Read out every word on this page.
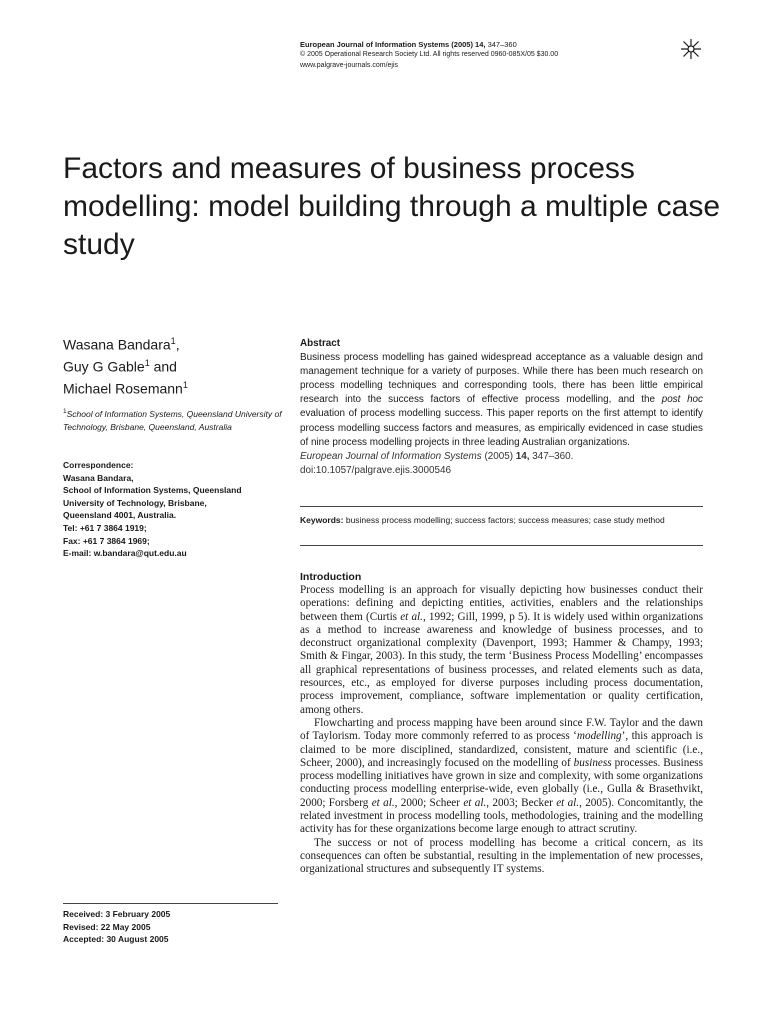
European Journal of Information Systems (2005) 14, 347–360
© 2005 Operational Research Society Ltd. All rights reserved 0960-085X/05 $30.00
www.palgrave-journals.com/ejis
Factors and measures of business process modelling: model building through a multiple case study
Wasana Bandara$^1$,
Guy G Gable$^1$ and
Michael Rosemann$^1$
$^1$School of Information Systems, Queensland University of Technology, Brisbane, Queensland, Australia
Correspondence:
Wasana Bandara,
School of Information Systems, Queensland
University of Technology, Brisbane,
Queensland 4001, Australia.
Tel: +61 7 3864 1919;
Fax: +61 7 3864 1969;
E-mail: w.bandara@qut.edu.au
Abstract

Business process modelling has gained widespread acceptance as a valuable design and management technique for a variety of purposes. While there has been much research on process modelling techniques and corresponding tools, there has been little empirical research into the success factors of effective process modelling, and the post hoc evaluation of process modelling success. This paper reports on the first attempt to identify process modelling success factors and measures, as empirically evidenced in case studies of nine process modelling projects in three leading Australian organizations.

European Journal of Information Systems (2005) 14, 347–360.
doi:10.1057/palgrave.ejis.3000546
Keywords: business process modelling; success factors; success measures; case study method
Introduction

Process modelling is an approach for visually depicting how businesses conduct their operations: defining and depicting entities, activities, enablers and the relationships between them (Curtis et al., 1992; Gill, 1999, p 5). It is widely used within organizations as a method to increase awareness and knowledge of business processes, and to deconstruct organizational complexity (Davenport, 1993; Hammer & Champy, 1993; Smith & Fingar, 2003). In this study, the term ‘Business Process Modelling’ encompasses all graphical representations of business processes, and related elements such as data, resources, etc., as employed for diverse purposes including process documentation, process improvement, compliance, software implementation or quality certification, among others.

Flowcharting and process mapping have been around since F.W. Taylor and the dawn of Taylorism. Today more commonly referred to as process ‘modelling’, this approach is claimed to be more disciplined, standardized, consistent, mature and scientific (i.e., Scheer, 2000), and increasingly focused on the modelling of business processes. Business process modelling initiatives have grown in size and complexity, with some organizations conducting process modelling enterprise-wide, even globally (i.e., Gulla & Brasethvikt, 2000; Forsberg et al., 2000; Scheer et al., 2003; Becker et al., 2005). Concomitantly, the related investment in process modelling tools, methodologies, training and the modelling activity has for these organizations become large enough to attract scrutiny.

The success or not of process modelling has become a critical concern, as its consequences can often be substantial, resulting in the implementation of new processes, organizational structures and subsequently IT systems.

Received: 3 February 2005
Revised: 22 May 2005
Accepted: 30 August 2005
